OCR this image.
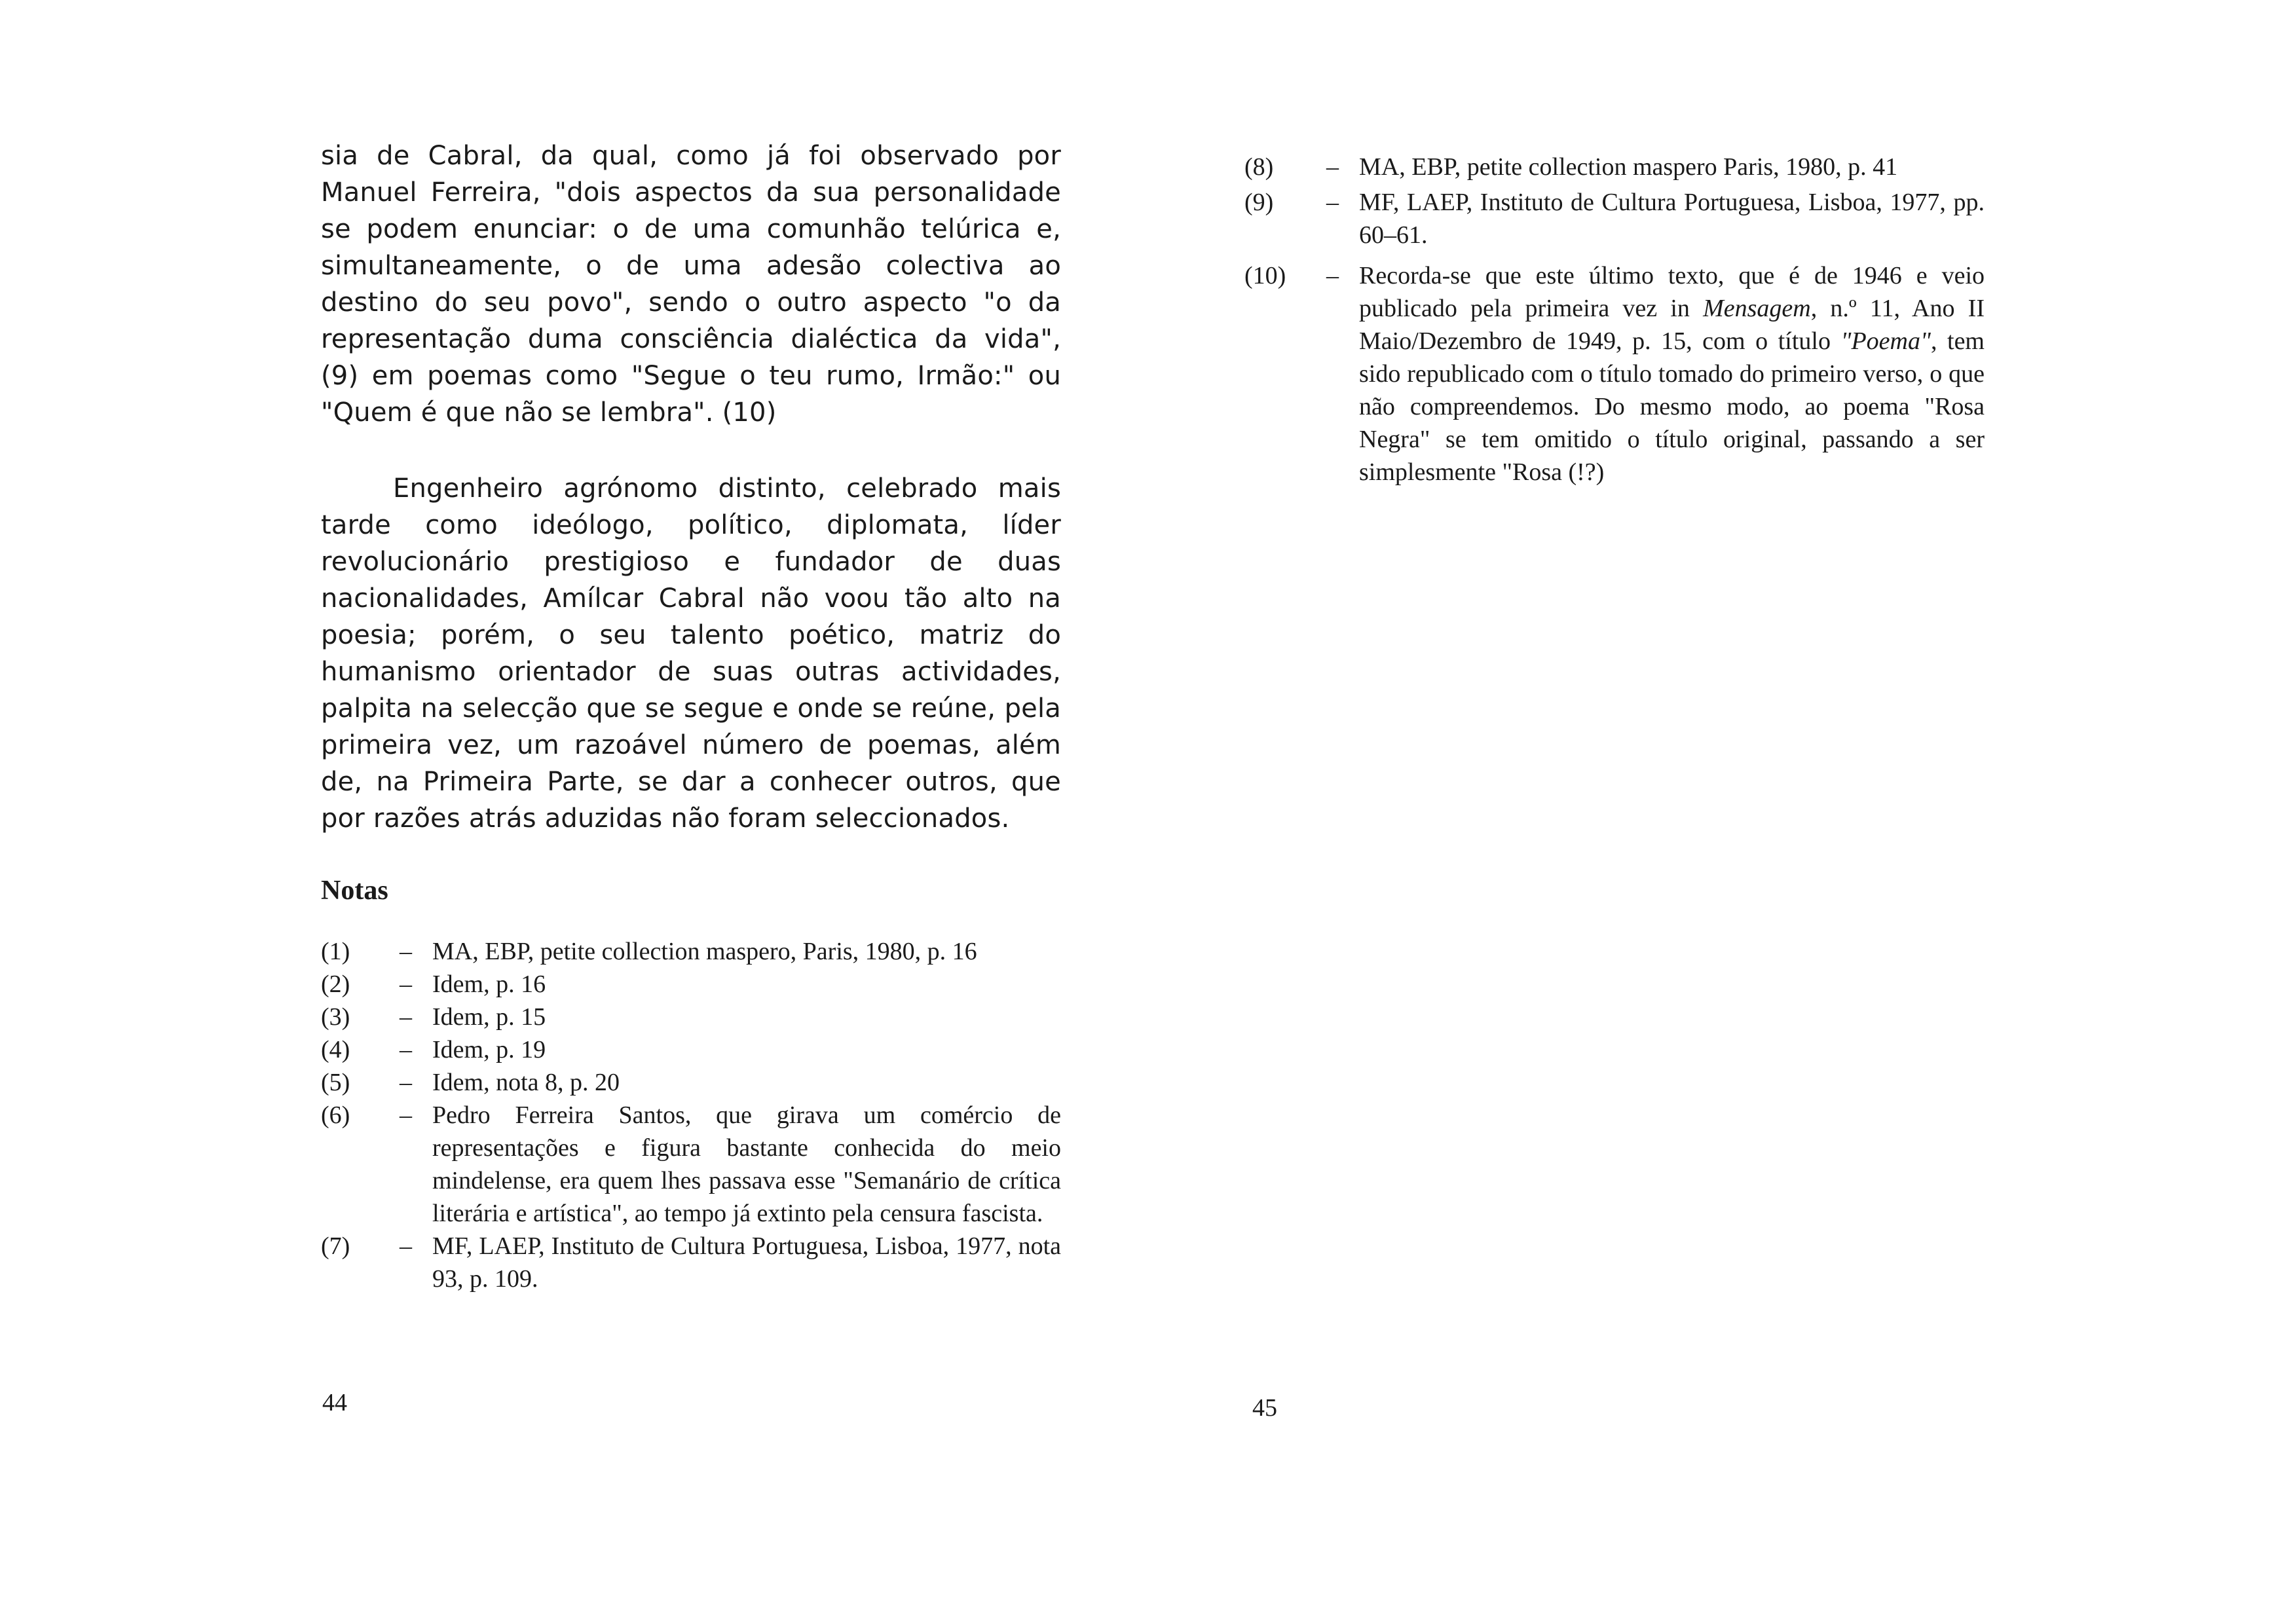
sia de Cabral, da qual, como já foi observado por Manuel Ferreira, "dois aspectos da sua personalidade se podem enunciar: o de uma comunhão telúrica e, simultaneamente, o de uma adesão colectiva ao destino do seu povo", sendo o outro aspecto "o da representação duma consciência dialéctica da vida", (9) em poemas como "Segue o teu rumo, Irmão:" ou "Quem é que não se lembra". (10)

Engenheiro agrónomo distinto, celebrado mais tarde como ideólogo, político, diplomata, líder revolucionário prestigioso e fundador de duas nacionalidades, Amílcar Cabral não voou tão alto na poesia; porém, o seu talento poético, matriz do humanismo orientador de suas outras actividades, palpita na selecção que se segue e onde se reúne, pela primeira vez, um razoável número de poemas, além de, na Primeira Parte, se dar a conhecer outros, que por razões atrás aduzidas não foram seleccionados.

Notas
(1)	– MA, EBP, petite collection maspero, Paris, 1980, p. 16
(2)	– Idem, p. 16
(3)	– Idem, p. 15
(4)	– Idem, p. 19
(5)	– Idem, nota 8, p. 20
(6)	– Pedro Ferreira Santos, que girava um comércio de representações e figura bastante conhecida do meio mindelense, era quem lhes passava esse "Semanário de crítica literária e artística", ao tempo já extinto pela censura fascista.
(7)	– MF, LAEP, Instituto de Cultura Portuguesa, Lisboa, 1977, nota 93, p. 109.
44
(8)	– MA, EBP, petite collection maspero Paris, 1980, p. 41
(9)	– MF, LAEP, Instituto de Cultura Portuguesa, Lisboa, 1977, pp. 60–61.
(10)	– Recorda-se que este último texto, que é de 1946 e veio publicado pela primeira vez in Mensagem, n.º 11, Ano II Maio/Dezembro de 1949, p. 15, com o título "Poema", tem sido republicado com o título tomado do primeiro verso, o que não compreendemos. Do mesmo modo, ao poema "Rosa Negra" se tem omitido o título original, passando a ser simplesmente "Rosa (!?)
45
